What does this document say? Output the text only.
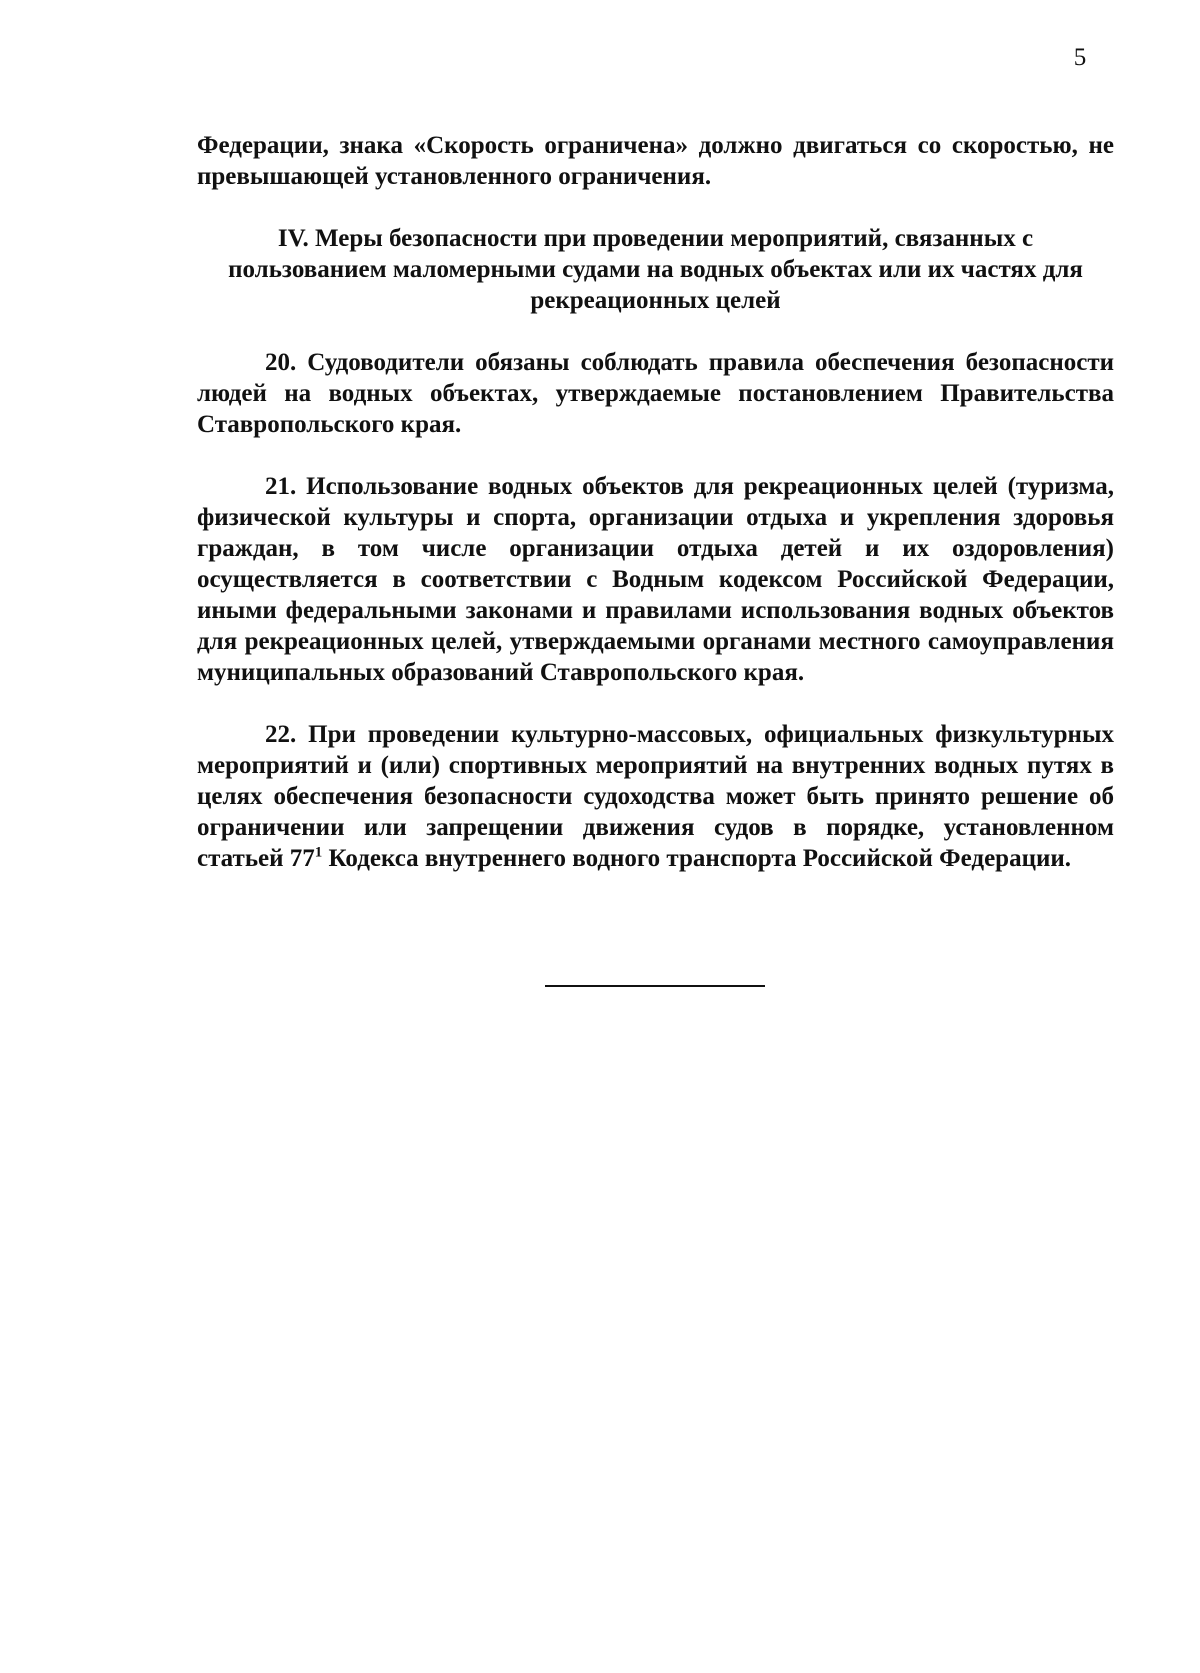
5

Федерации, знака «Скорость ограничена» должно двигаться со скоростью, не превышающей установленного ограничения.

IV. Меры безопасности при проведении мероприятий, связанных с пользованием маломерными судами на водных объектах или их частях для рекреационных целей

20. Судоводители обязаны соблюдать правила обеспечения безопасности людей на водных объектах, утверждаемые постановлением Правительства Ставропольского края.

21. Использование водных объектов для рекреационных целей (туризма, физической культуры и спорта, организации отдыха и укрепления здоровья граждан, в том числе организации отдыха детей и их оздоровления) осуществляется в соответствии с Водным кодексом Российской Федерации, иными федеральными законами и правилами использования водных объектов для рекреационных целей, утверждаемыми органами местного самоуправления муниципальных образований Ставропольского края.

22. При проведении культурно-массовых, официальных физкультурных мероприятий и (или) спортивных мероприятий на внутренних водных путях в целях обеспечения безопасности судоходства может быть принято решение об ограничении или запрещении движения судов в порядке, установленном статьей $77^1$ Кодекса внутреннего водного транспорта Российской Федерации.
